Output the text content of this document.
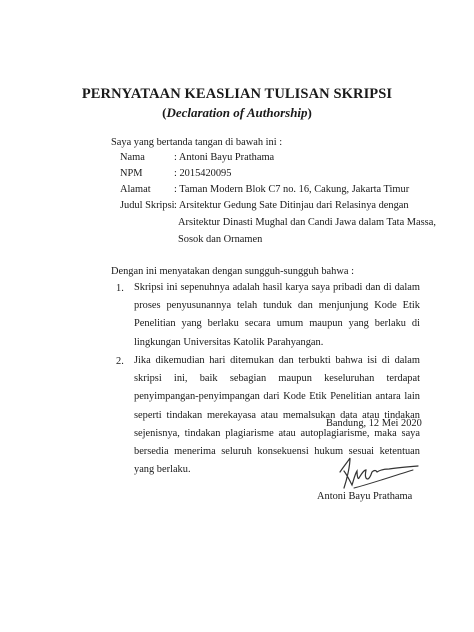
PERNYATAAN KEASLIAN TULISAN SKRIPSI
(Declaration of Authorship)
Saya yang bertanda tangan di bawah ini :
Nama	: Antoni Bayu Prathama
NPM	: 2015420095
Alamat : Taman Modern Blok C7 no. 16, Cakung, Jakarta Timur
Judul Skripsi : Arsitektur Gedung Sate Ditinjau dari Relasinya dengan
Arsitektur Dinasti Mughal dan Candi Jawa dalam Tata Massa,
Sosok dan Ornamen
Dengan ini menyatakan dengan sungguh-sungguh bahwa :
1. Skripsi ini sepenuhnya adalah hasil karya saya pribadi dan di dalam proses penyusunannya telah tunduk dan menjunjung Kode Etik Penelitian yang berlaku secara umum maupun yang berlaku di lingkungan Universitas Katolik Parahyangan.
2. Jika dikemudian hari ditemukan dan terbukti bahwa isi di dalam skripsi ini, baik sebagian maupun keseluruhan terdapat penyimpangan-penyimpangan dari Kode Etik Penelitian antara lain seperti tindakan merekayasa atau memalsukan data atau tindakan sejenisnya, tindakan plagiarisme atau autoplagiarisme, maka saya bersedia menerima seluruh konsekuensi hukum sesuai ketentuan yang berlaku.
Bandung, 12 Mei 2020
Antoni Bayu Prathama
